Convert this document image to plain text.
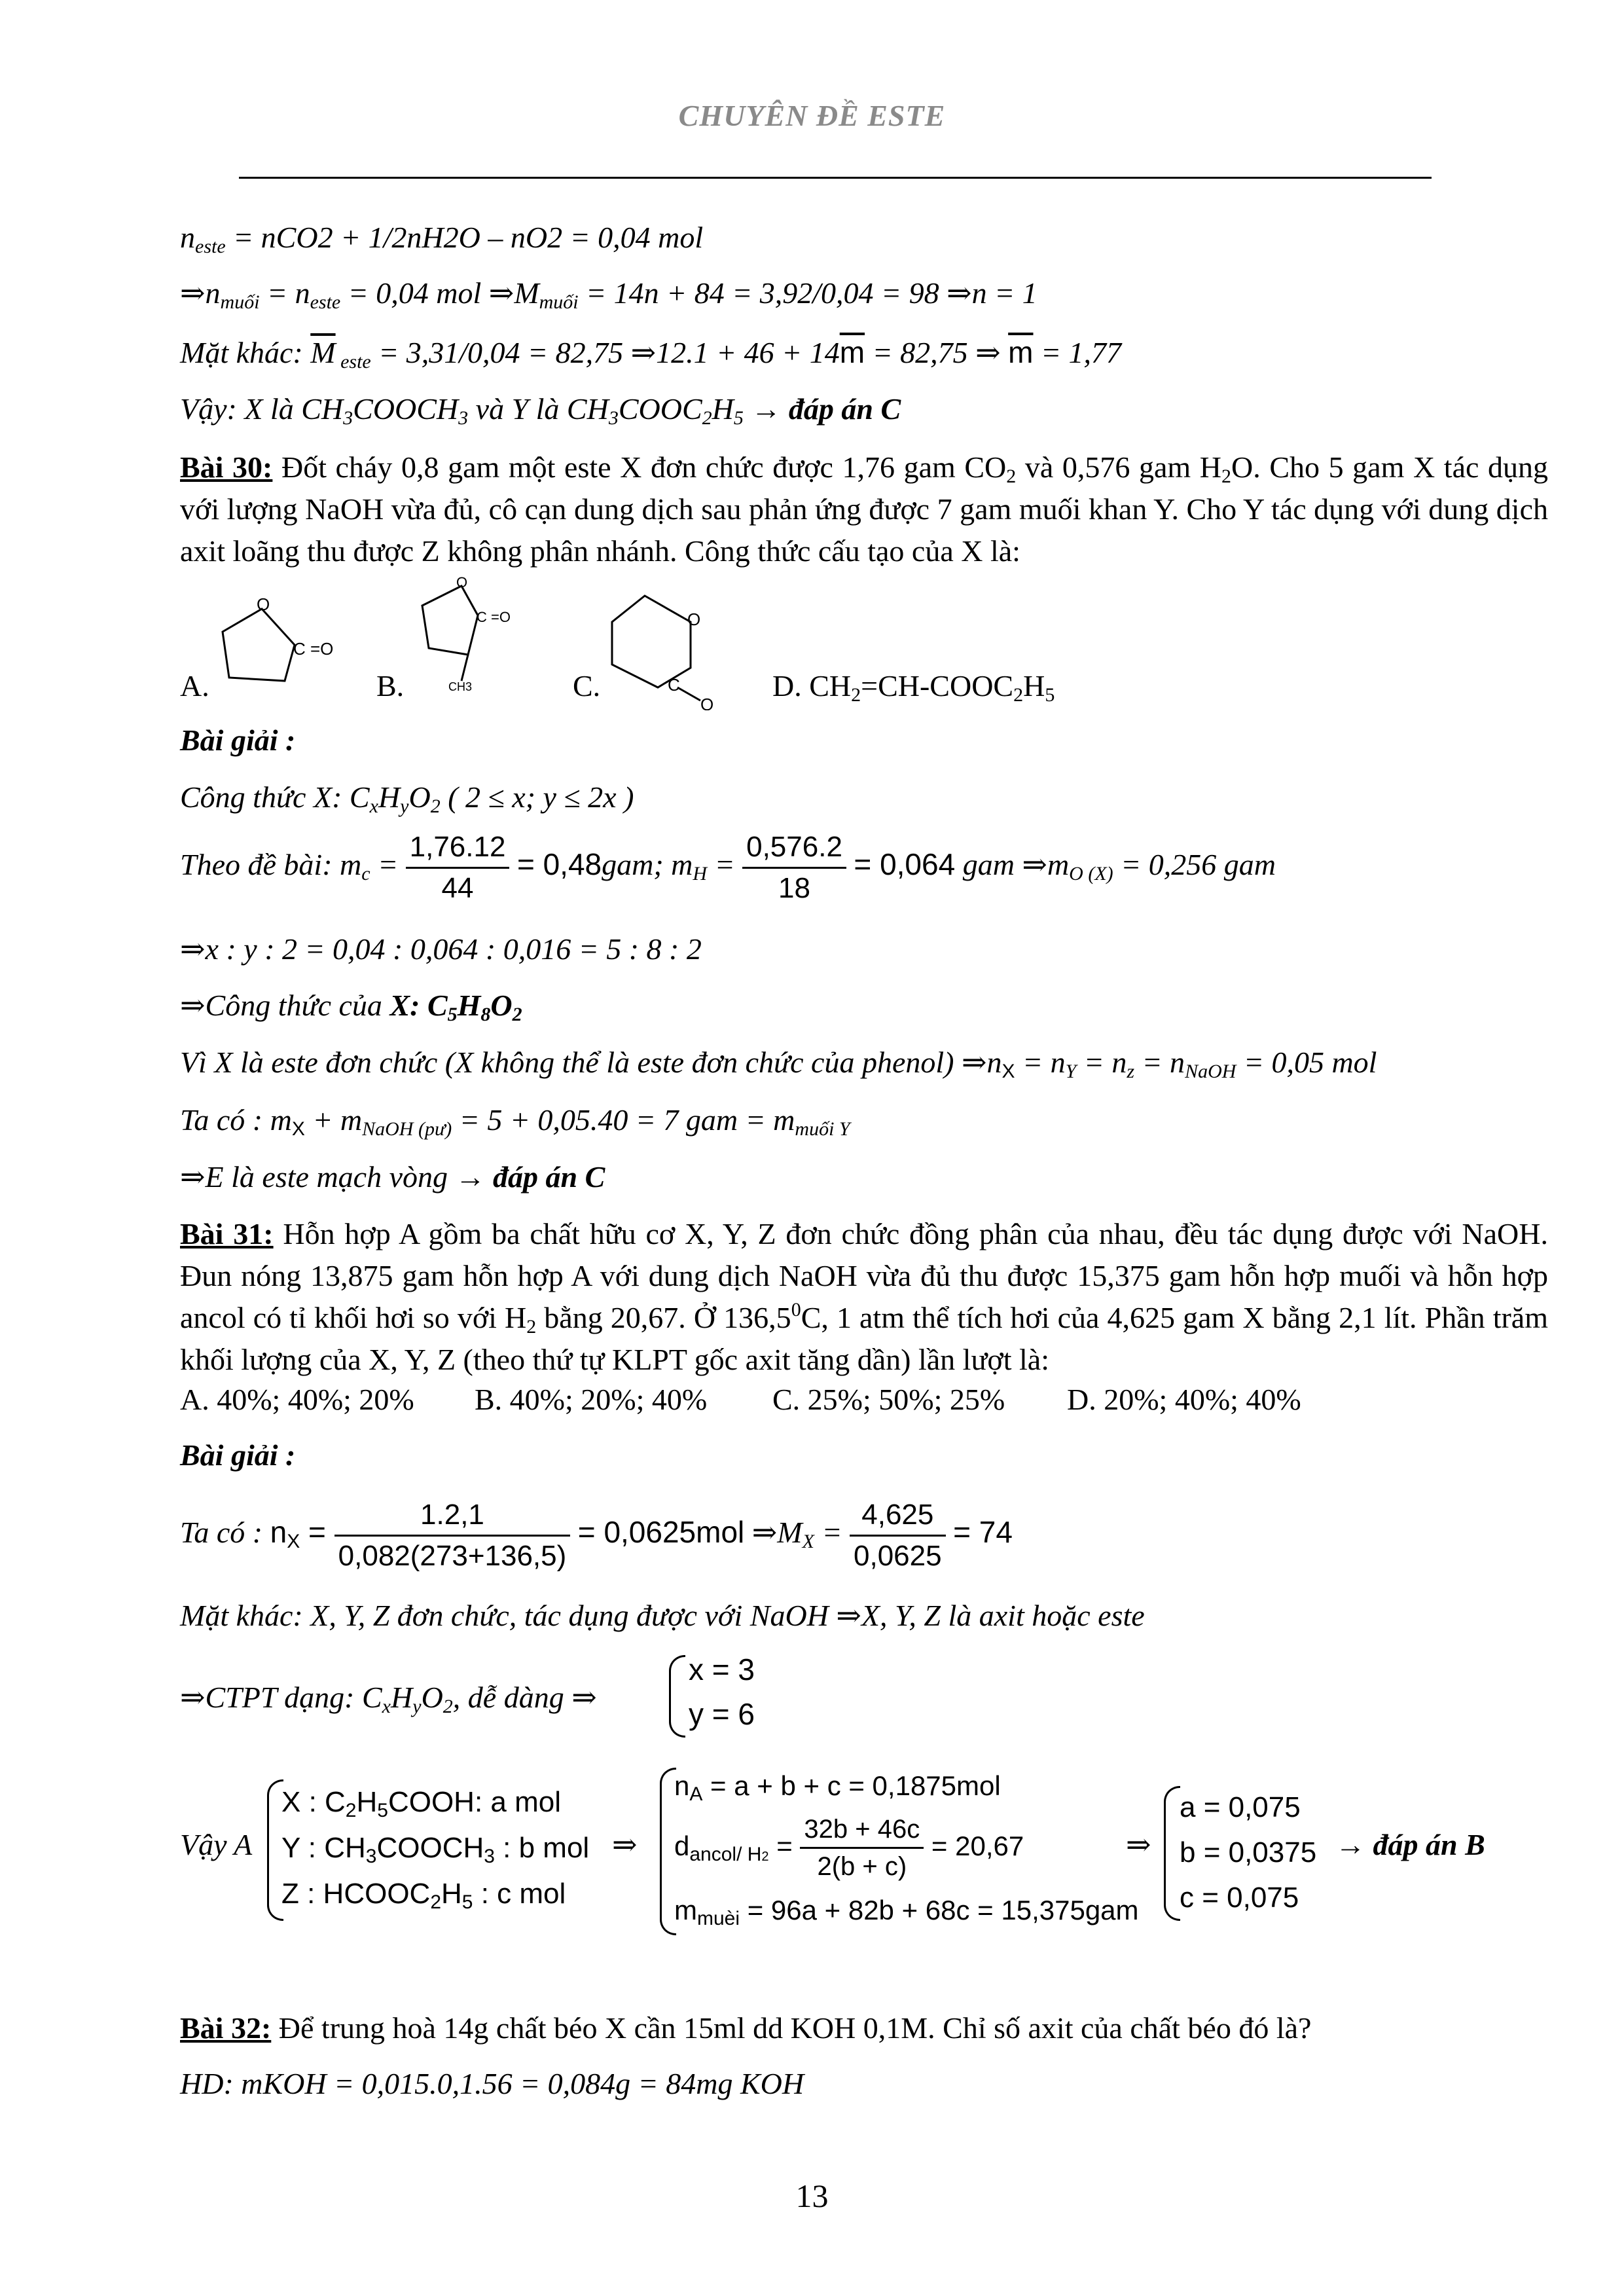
CHUYÊN ĐỀ ESTE
$n_{este} = nCO2 + 1/2nH2O - nO2 = 0,04$ mol
$\Rightarrow n_{muối} = n_{este} = 0,04$ mol $\Rightarrow M_{muối} = 14n + 84 = 3,92/0,04 = 98$ ⇒n = 1
Mặt khác: $\overline{M}$ $_{este}$ = 3,31/0,04 = 82,75 ⇒12.1 + $46 + 14\overline{m} = 82,75$ ⇒ $\overline{m} = 1,77$
Vậy: X là $CH_3COOCH_3$ và Y là $CH_3COOC_2H_5$ → đáp án C
Bài 30: Đốt cháy 0,8 gam một este X đơn chức được 1,76 gam $CO_2$ và 0,576 gam $H_2O$. Cho 5 gam X tác dụng với lượng NaOH vừa đủ, cô cạn dung dịch sau phản ứng được 7 gam muối khan Y. Cho Y tác dụng với dung dịch axit loãng thu được Z không phân nhánh. Công thức cấu tạo của X là:
A.
O
C =O
B.
O
C =O
CH3	C.
O
C
O
D. $CH_2=CH-COOC_2H_5$
Bài giải :
Công thức X: $C_xH_yO_2$ ( 2 ≤ x; y ≤ 2x )
Theo đề bài: $m_c = \frac{1,76.12}{44} = 0,48gam$; $m_H = \frac{0,576.2}{18} = 0,064$ gam $\Rightarrow m_{O (X)} = 0,256$ gam
⇒x : y : 2 = 0,04 : 0,064 : 0,016 = 5 : 8 : 2
⇒Công thức của X: $C_5H_8O_2$
Vì X là este đơn chức (X không thể là este đơn chức của phenol) $\Rightarrow n_X = n_Y = n_z = n_{NaOH} = 0,05$ mol
Ta có : $m_X + m_{NaOH (pư)} = 5 + 0,05.40 = 7$ gam = $m_{muối Y}$
⇒E là este mạch vòng → đáp án C
Bài 31: Hỗn hợp A gồm ba chất hữu cơ X, Y, Z đơn chức đồng phân của nhau, đều tác dụng được với NaOH. Đun nóng 13,875 gam hỗn hợp A với dung dịch NaOH vừa đủ thu được 15,375 gam hỗn hợp muối và hỗn hợp ancol có tỉ khối hơi so với $H_2$ bằng 20,67. Ở 136,5$^0$C, 1 atm thể tích hơi của 4,625 gam X bằng 2,1 lít. Phần trăm khối lượng của X, Y, Z (theo thứ tự KLPT gốc axit tăng dần) lần lượt là:
A. 40%; 40%; 20% B. 40%; 20%; 40% C. 25%; 50%; 25% D. 20%; 40%; 40%
Bài giải :
Ta có : $n_X = \frac{1.2,1}{0,082(273+136,5)} = 0,0625mol$ $\Rightarrow M_X = \frac{4,625}{0,0625} = 74$
Mặt khác: X, Y, Z đơn chức, tác dụng được với NaOH ⇒X, Y, Z là axit hoặc este
⇒CTPT dạng: $C_xH_yO_2$, dễ dàng ⇒
x = 3
y = 6
Vậy A
X : $C_2H_5COOH$: a mol
Y : $CH_3COOCH_3$ : b mol
Z : $HCOOC_2H_5$ : c mol
⇒
$n_A = a + b + c = 0,1875mol$
$d_{ancol/ H2} = \frac{32b + 46c}{2(b + c)} = 20,67$
$m_{muèi} = 96a + 82b + 68c = 15,375gam$
⇒
a = 0,075
b = 0,0375
c = 0,075
→ đáp án B
Bài 32: Để trung hoà 14g chất béo X cần 15ml dd KOH 0,1M. Chỉ số axit của chất béo đó là?
HD: mKOH = 0,015.0,1.56 = 0,084g = 84mg KOH
13
